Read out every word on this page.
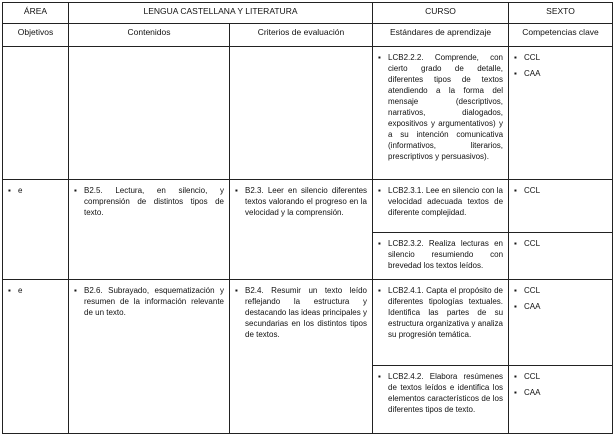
ÁREA	LENGUA CASTELLANA Y LITERATURA		CURSO	SEXTO
Objetivos	Contenidos	Criterios de evaluación	Estándares de aprendizaje	Competencias clave

			▪ LCB2.2.2. Comprende, con cierto grado de detalle, diferentes tipos de textos atendiendo a la forma del mensaje (descriptivos, narrativos, dialogados, expositivos y argumentativos) y a su intención comunicativa (informativos, literarios, prescriptivos y persuasivos).	▪ CCL
▪ CAA

▪ e	▪ B2.5. Lectura, en silencio, y comprensión de distintos tipos de texto.	▪ B2.3. Leer en silencio diferentes textos valorando el progreso en la velocidad y la comprensión.	▪ LCB2.3.1. Lee en silencio con la velocidad adecuada textos de diferente complejidad.	▪ CCL

			▪ LCB2.3.2. Realiza lecturas en silencio resumiendo con brevedad los textos leídos.	▪ CCL

▪ e	▪ B2.6. Subrayado, esquematización y resumen de la información relevante de un texto.	▪ B2.4. Resumir un texto leído reflejando la estructura y destacando las ideas principales y secundarias en los distintos tipos de textos.	▪ LCB2.4.1. Capta el propósito de diferentes tipologías textuales. Identifica las partes de su estructura organizativa y analiza su progresión temática.	▪ CCL
▪ CAA

			▪ LCB2.4.2. Elabora resúmenes de textos leídos e identifica los elementos característicos de los diferentes tipos de texto.	▪ CCL
▪ CAA
